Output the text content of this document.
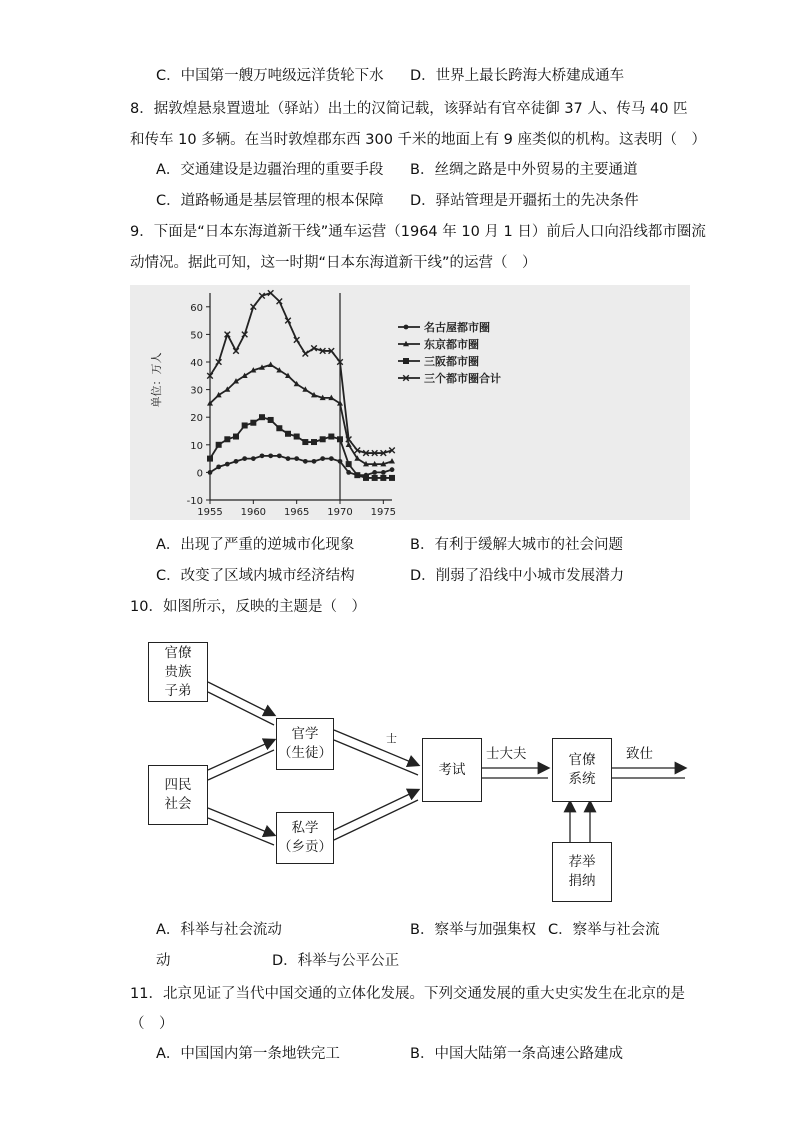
C．中国第一艘万吨级远洋货轮下水 D．世界上最长跨海大桥建成通车
8．据敦煌悬泉置遗址（驿站）出土的汉简记载，该驿站有官卒徒御 37 人、传马 40 匹
和传车 10 多辆。在当时敦煌郡东西 300 千米的地面上有 9 座类似的机构。这表明（　）
A．交通建设是边疆治理的重要手段 B．丝绸之路是中外贸易的主要通道
C．道路畅通是基层管理的根本保障 D．驿站管理是开疆拓土的先决条件
9．下面是“日本东海道新干线”通车运营（1964 年 10 月 1 日）前后人口向沿线都市圈流
动情况。据此可知，这一时期“日本东海道新干线”的运营（　）
-10
0
10
20
30
40
50
60
1955 1960 1965 1970 1975
单位：万人
名古屋都市圈
东京都市圈
三阪都市圈
三个都市圈合计
A．出现了严重的逆城市化现象	B．有利于缓解大城市的社会问题
C．改变了区域内城市经济结构	D．削弱了沿线中小城市发展潜力
10．如图所示，反映的主题是（　）
官僚
贵族
子弟
四民
社会
官学
（生徒）
私学
（乡贡）
考试
官僚
系统
荐举
捐纳
士
士大夫	致仕
A．科举与社会流动	B．察举与加强集权 C．察举与社会流
动	D．科举与公平公正
11．北京见证了当代中国交通的立体化发展。下列交通发展的重大史实发生在北京的是
（　）
A．中国国内第一条地铁完工	B．中国大陆第一条高速公路建成
